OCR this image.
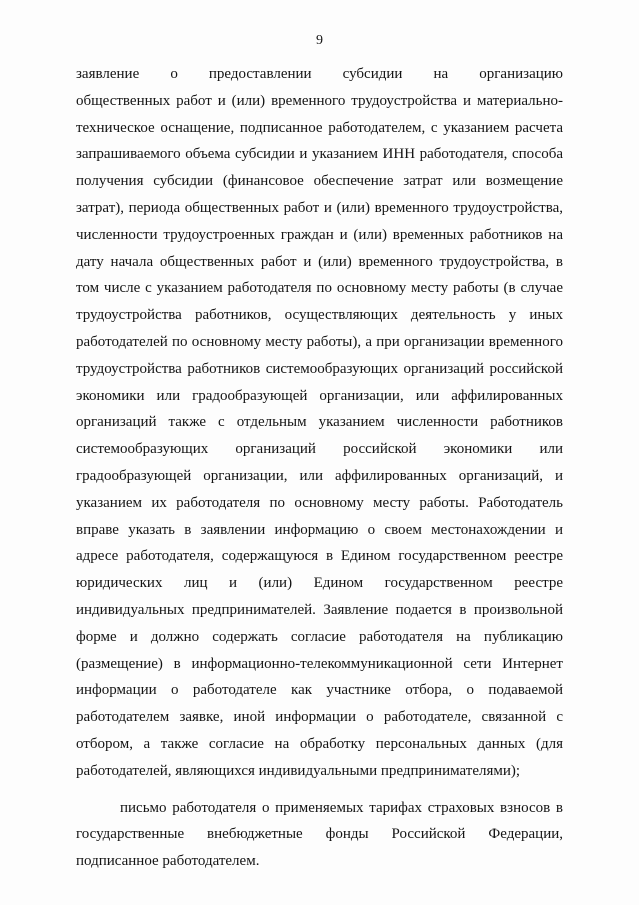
9
заявление о предоставлении субсидии на организацию
общественных работ и (или) временного трудоустройства и материально-
техническое оснащение, подписанное работодателем, с указанием расчета
запрашиваемого объема субсидии и указанием ИНН работодателя, способа
получения субсидии (финансовое обеспечение затрат или возмещение
затрат), периода общественных работ и (или) временного трудоустройства,
численности трудоустроенных граждан и (или) временных работников на
дату начала общественных работ и (или) временного трудоустройства, в
том числе с указанием работодателя по основному месту работы (в случае
трудоустройства работников, осуществляющих деятельность у иных
работодателей по основному месту работы), а при организации временного
трудоустройства работников системообразующих организаций российской
экономики или градообразующей организации, или аффилированных
организаций также с отдельным указанием численности работников
системообразующих организаций российской экономики или
градообразующей организации, или аффилированных организаций, и
указанием их работодателя по основному месту работы. Работодатель
вправе указать в заявлении информацию о своем местонахождении и
адресе работодателя, содержащуюся в Едином государственном реестре
юридических лиц и (или) Едином государственном реестре
индивидуальных предпринимателей. Заявление подается в произвольной
форме и должно содержать согласие работодателя на публикацию
(размещение) в информационно-телекоммуникационной сети Интернет
информации о работодателе как участнике отбора, о подаваемой
работодателем заявке, иной информации о работодателе, связанной с
отбором, а также согласие на обработку персональных данных (для
работодателей, являющихся индивидуальными предпринимателями);
письмо работодателя о применяемых тарифах страховых взносов в
государственные внебюджетные фонды Российской Федерации,
подписанное работодателем.
